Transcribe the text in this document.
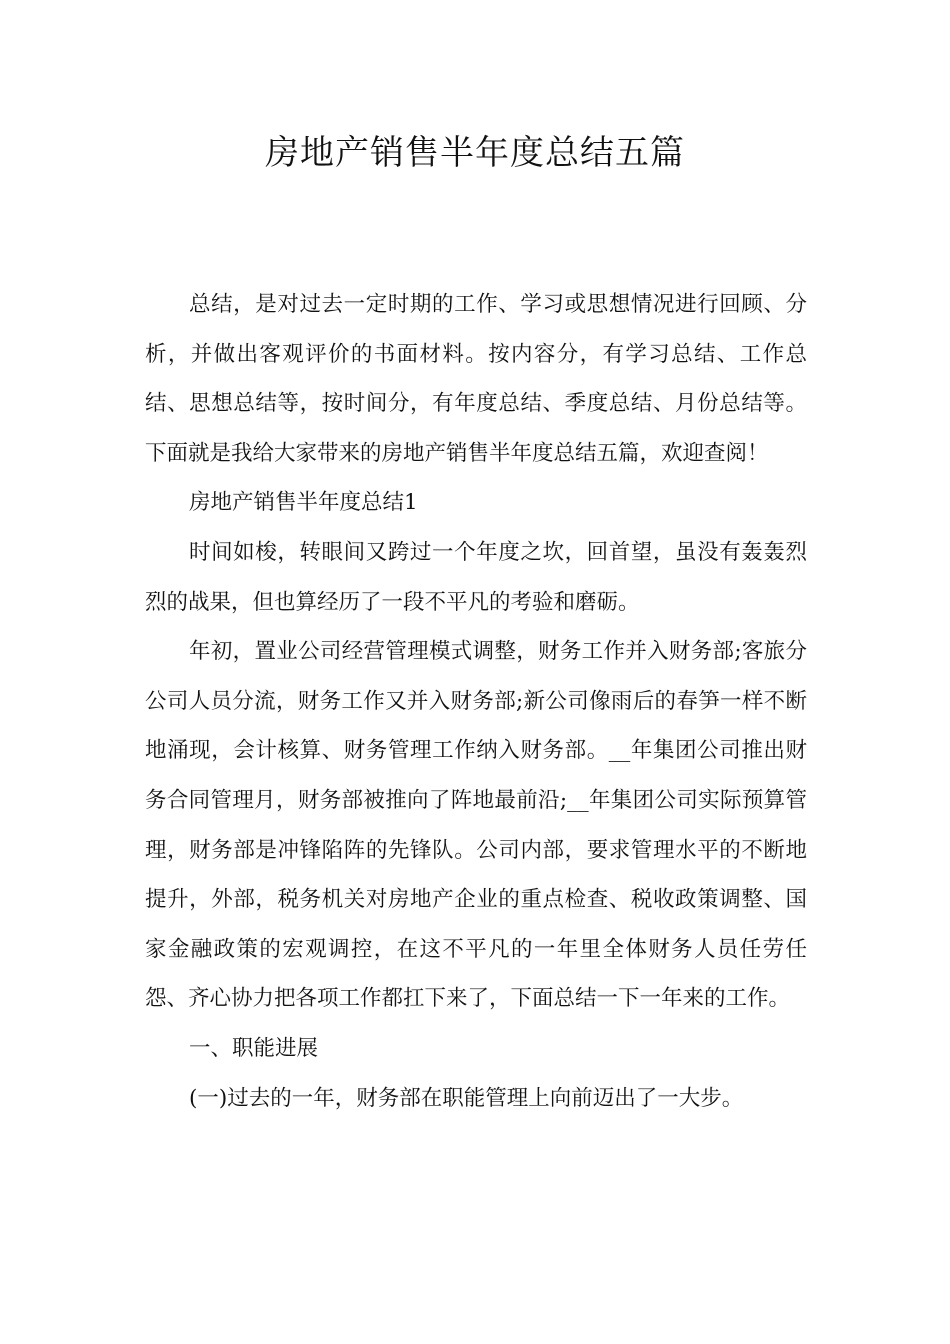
房地产销售半年度总结五篇

总结，是对过去一定时期的工作、学习或思想情况进行回顾、分析，并做出客观评价的书面材料。按内容分，有学习总结、工作总结、思想总结等，按时间分，有年度总结、季度总结、月份总结等。下面就是我给大家带来的房地产销售半年度总结五篇，欢迎查阅！

房地产销售半年度总结1

时间如梭，转眼间又跨过一个年度之坎，回首望，虽没有轰轰烈烈的战果，但也算经历了一段不平凡的考验和磨砺。

年初，置业公司经营管理模式调整，财务工作并入财务部;客旅分公司人员分流，财务工作又并入财务部;新公司像雨后的春笋一样不断地涌现，会计核算、财务管理工作纳入财务部。__年集团公司推出财务合同管理月，财务部被推向了阵地最前沿;__年集团公司实际预算管理，财务部是冲锋陷阵的先锋队。公司内部，要求管理水平的不断地提升，外部，税务机关对房地产企业的重点检查、税收政策调整、国家金融政策的宏观调控，在这不平凡的一年里全体财务人员任劳任怨、齐心协力把各项工作都扛下来了，下面总结一下一年来的工作。

一、职能进展

(一)过去的一年，财务部在职能管理上向前迈出了一大步。
